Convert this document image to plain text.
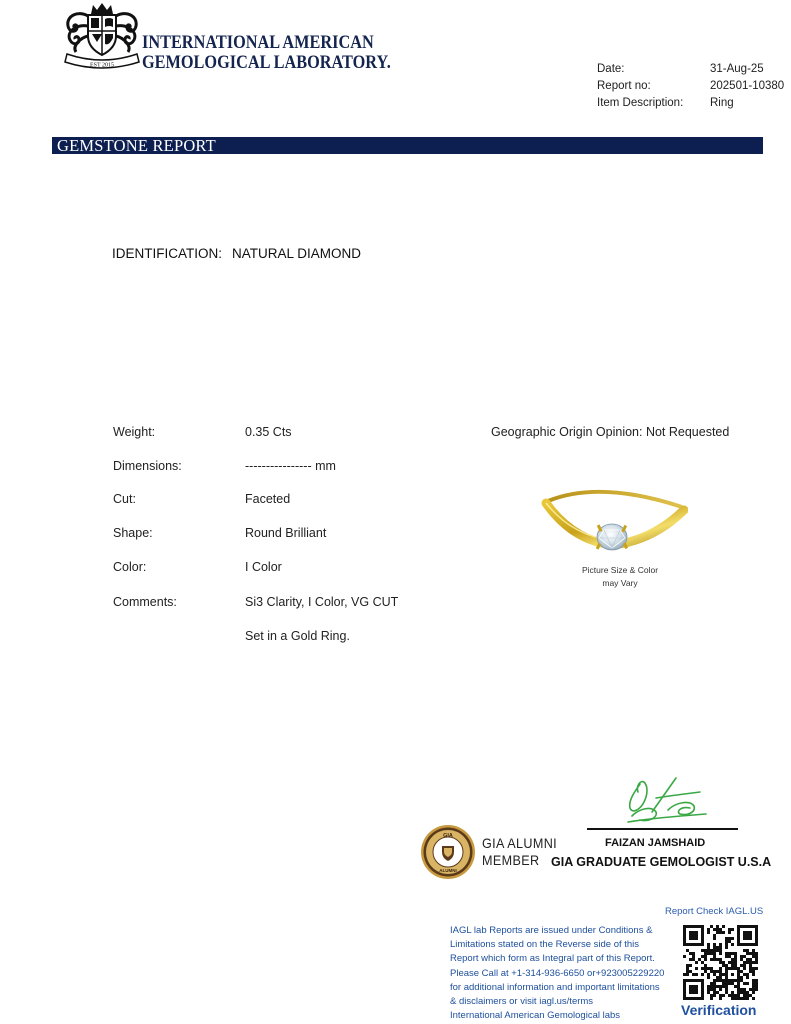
EST 2015
INTERNATIONAL AMERICAN
GEMOLOGICAL LABORATORY.	Date:	31-Aug-25
Report no:	202501-10380
Item Description: Ring
GEMSTONE REPORT
IDENTIFICATION: NATURAL DIAMOND
Weight:	0.35 Cts
Dimensions:	---------------- mm
Cut:	Faceted
Shape:	Round Brilliant
Color:	I Color
Comments:	Si3 Clarity, I Color, VG CUT
Set in a Gold Ring.
Geographic Origin Opinion: Not Requested
Picture Size & Color
may Vary
FAIZAN JAMSHAID
GIA GRADUATE GEMOLOGIST U.S.A
GIA
ALUMNI
GIA ALUMNI
MEMBER
Report Check IAGL.US
Verification
IAGL lab Reports are issued under Conditions &
Limitations stated on the Reverse side of this
Report which form as Integral part of this Report.
Please Call at +1-314-936-6650 or+923005229220
for additional information and important limitations
& disclaimers or visit iagl.us/terms
International American Gemological labs
